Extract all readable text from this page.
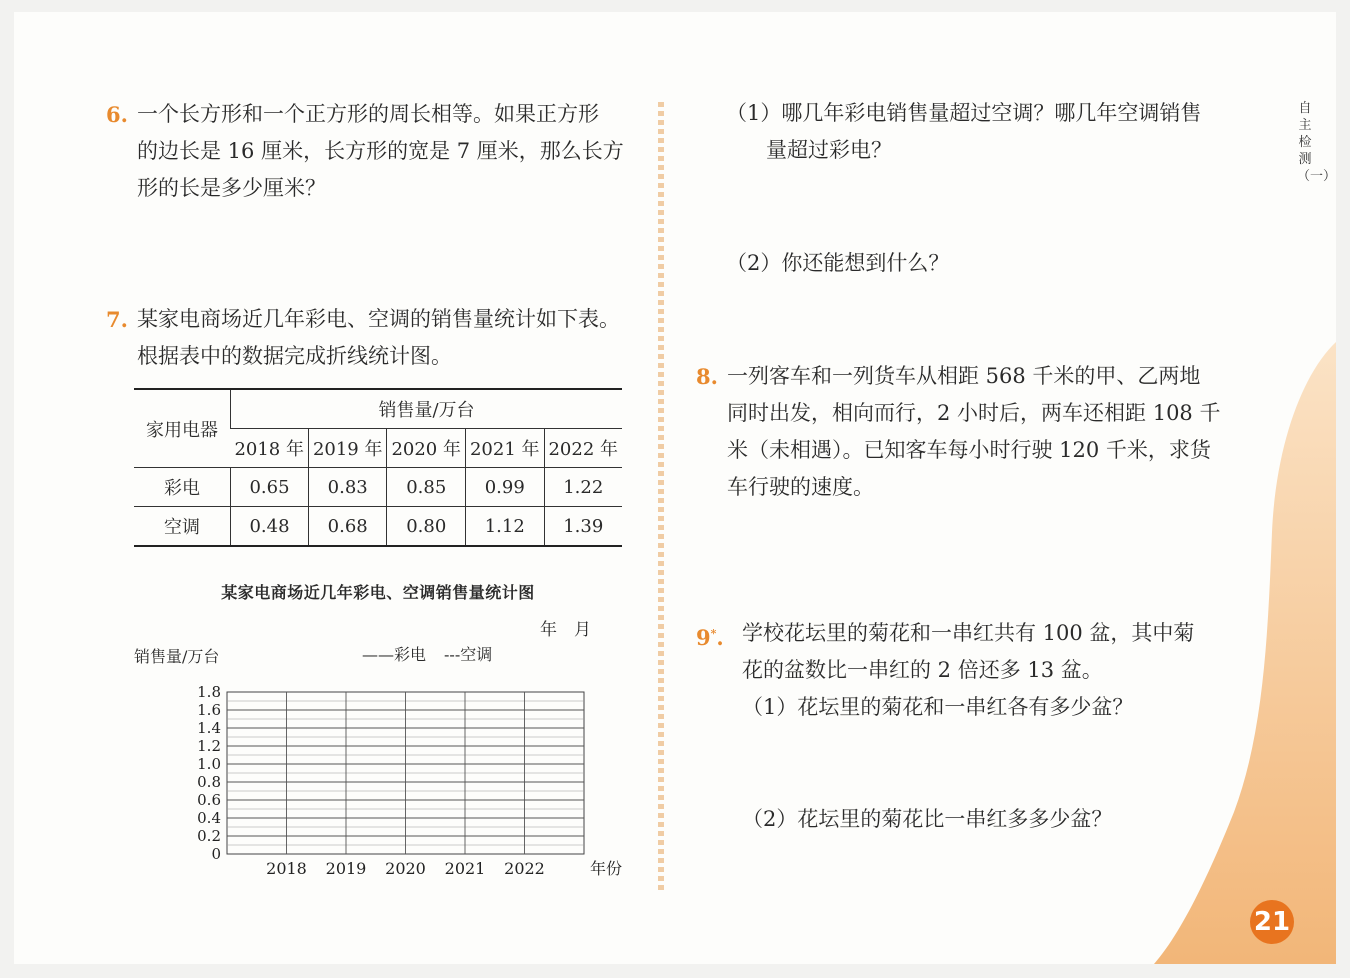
6. 一个长方形和一个正方形的周长相等。如果正方形
的边长是 16 厘米，长方形的宽是 7 厘米，那么长方
形的长是多少厘米？
7. 某家电商场近几年彩电、空调的销售量统计如下表。
根据表中的数据完成折线统计图。
家用电器	销售量/万台				
	2018 年	2019 年	2020 年	2021 年	2022 年
彩电	0.65	0.83	0.85	0.99	1.22
空调	0.48	0.68	0.80	1.12	1.39
某家电商场近几年彩电、空调销售量统计图
年　月
销售量/万台	——彩电 ---空调
0
0.2
0.4
0.6
0.8
1.0
1.2
1.4
1.6
1.8
2018 2019 2020 2021 2022	年份
（1）哪几年彩电销售量超过空调？哪几年空调销售
量超过彩电？
（2）你还能想到什么？
8. 一列客车和一列货车从相距 568 千米的甲、乙两地
同时出发，相向而行，2 小时后，两车还相距 108 千
米（未相遇）。已知客车每小时行驶 120 千米，求货
车行驶的速度。
9*. 学校花坛里的菊花和一串红共有 100 盆，其中菊
花的盆数比一串红的 2 倍还多 13 盆。
（1）花坛里的菊花和一串红各有多少盆？
（2）花坛里的菊花比一串红多多少盆？
自主检测（一）
21
